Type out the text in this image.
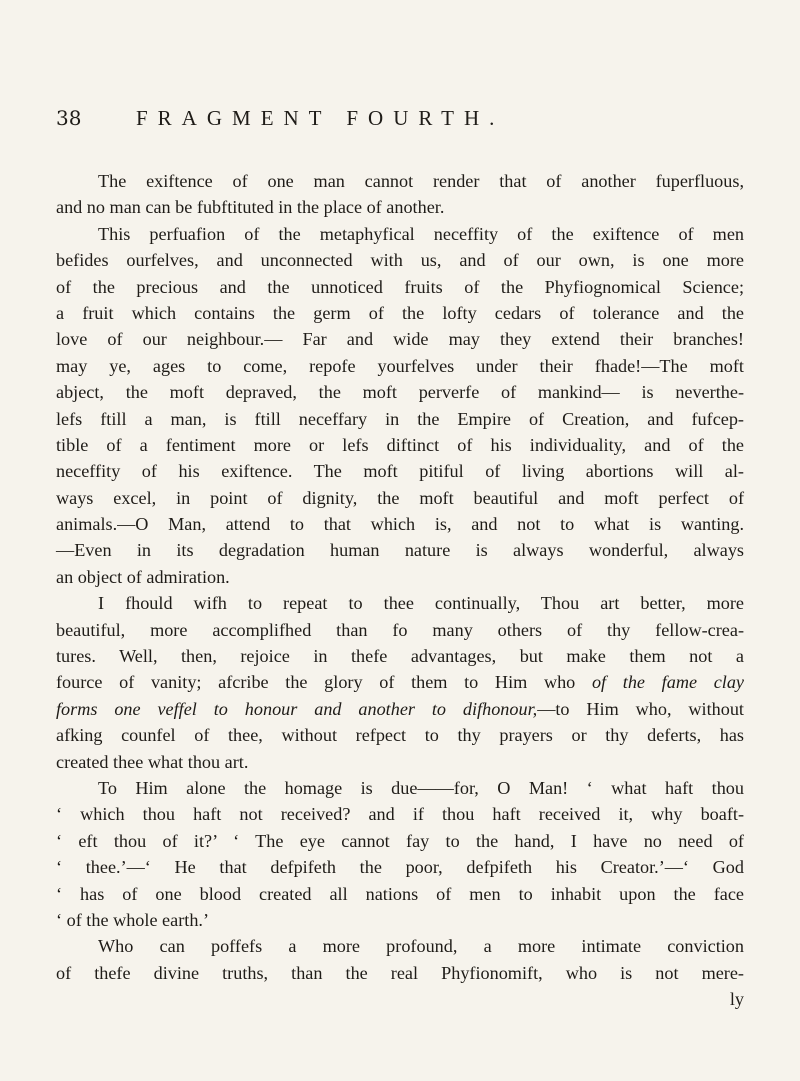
38	FRAGMENT FOURTH.
The exiftence of one man cannot render that of another fuperfluous,
and no man can be fubftituted in the place of another.
This perfuafion of the metaphyfical neceffity of the exiftence of men
befides ourfelves, and unconnected with us, and of our own, is one more
of the precious and the unnoticed fruits of the Phyfiognomical Science;
a fruit which contains the germ of the lofty cedars of tolerance and the
love of our neighbour.— Far and wide may they extend their branches!
may ye, ages to come, repofe yourfelves under their fhade!—The moft
abject, the moft depraved, the moft perverfe of mankind— is neverthe-
lefs ftill a man, is ftill neceffary in the Empire of Creation, and fufcep-
tible of a fentiment more or lefs diftinct of his individuality, and of the
neceffity of his exiftence. The moft pitiful of living abortions will al-
ways excel, in point of dignity, the moft beautiful and moft perfect of
animals.—O Man, attend to that which is, and not to what is wanting.
—Even in its degradation human nature is always wonderful, always
an object of admiration.
I fhould wifh to repeat to thee continually, Thou art better, more
beautiful, more accomplifhed than fo many others of thy fellow-crea-
tures. Well, then, rejoice in thefe advantages, but make them not a
fource of vanity; afcribe the glory of them to Him who of the fame clay
forms one veffel to honour and another to difhonour,—to Him who, without
afking counfel of thee, without refpect to thy prayers or thy deferts, has
created thee what thou art.
To Him alone the homage is due——for, O Man! ‘ what haft thou
‘ which thou haft not received? and if thou haft received it, why boaft-
‘ eft thou of it?’ ‘ The eye cannot fay to the hand, I have no need of
‘ thee.’—‘ He that defpifeth the poor, defpifeth his Creator.’—‘ God
‘ has of one blood created all nations of men to inhabit upon the face
‘ of the whole earth.’
Who can poffefs a more profound, a more intimate conviction
of thefe divine truths, than the real Phyfionomift, who is not mere-
ly
